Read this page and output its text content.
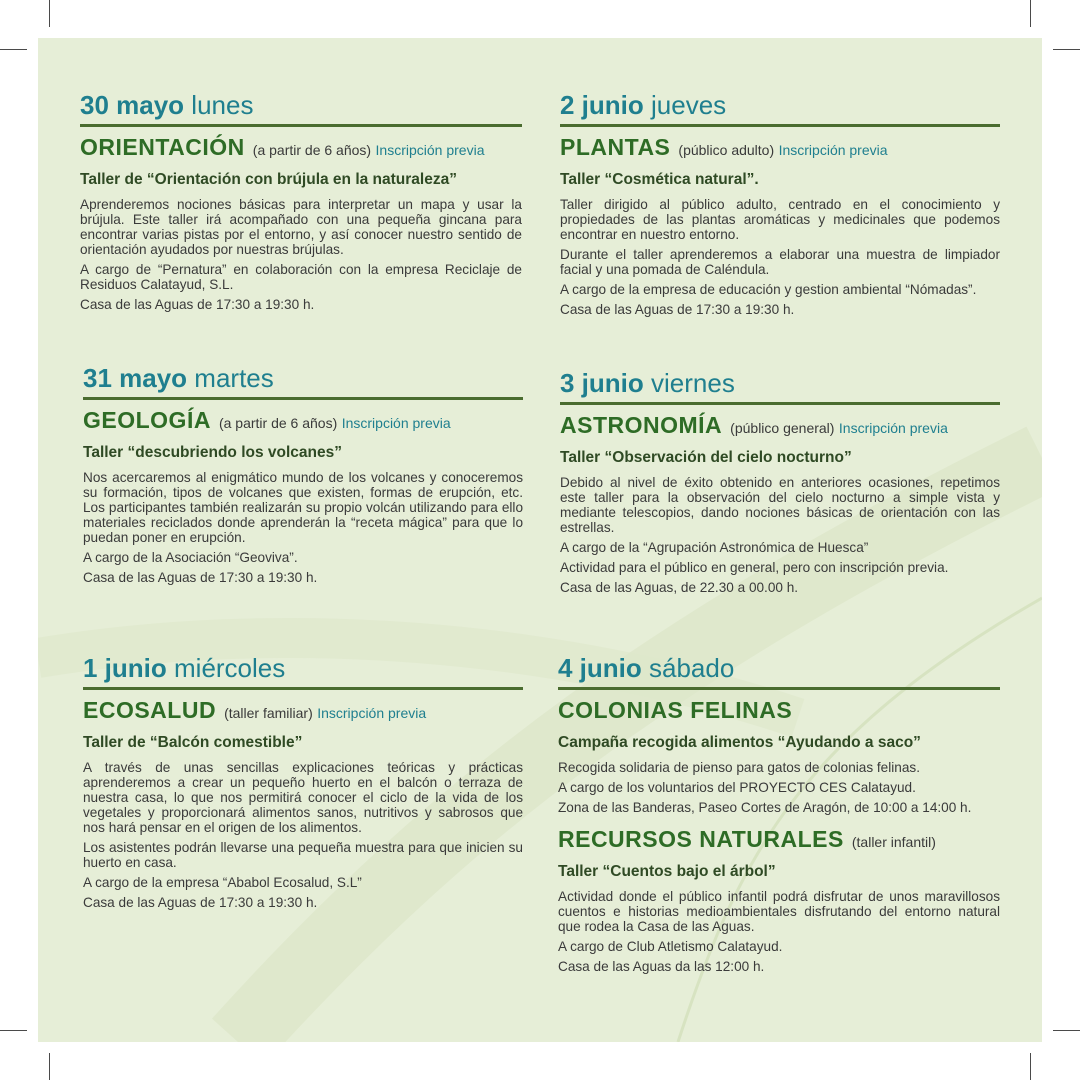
30 mayo lunes
ORIENTACIÓN (a partir de 6 años) Inscripción previa
Taller de “Orientación con brújula en la naturaleza”
Aprenderemos nociones básicas para interpretar un mapa y usar la brújula. Este taller irá acompañado con una pequeña gincana para encontrar varias pistas por el entorno, y así conocer nuestro sentido de orientación ayudados por nuestras brújulas.
A cargo de “Pernatura” en colaboración con la empresa Reciclaje de Residuos Calatayud, S.L.
Casa de las Aguas de 17:30 a 19:30 h.
31 mayo martes
GEOLOGÍA (a partir de 6 años) Inscripción previa
Taller “descubriendo los volcanes”
Nos acercaremos al enigmático mundo de los volcanes y conoceremos su formación, tipos de volcanes que existen, formas de erupción, etc. Los participantes también realizarán su propio volcán utilizando para ello materiales reciclados donde aprenderán la “receta mágica” para que lo puedan poner en erupción.
A cargo de la Asociación “Geoviva”.
Casa de las Aguas de 17:30 a 19:30 h.
1 junio miércoles
ECOSALUD (taller familiar) Inscripción previa
Taller de “Balcón comestible”
A través de unas sencillas explicaciones teóricas y prácticas aprenderemos a crear un pequeño huerto en el balcón o terraza de nuestra casa, lo que nos permitirá conocer el ciclo de la vida de los vegetales y proporcionará alimentos sanos, nutritivos y sabrosos que nos hará pensar en el origen de los alimentos.
Los asistentes podrán llevarse una pequeña muestra para que inicien su huerto en casa.
A cargo de la empresa “Ababol Ecosalud, S.L”
Casa de las Aguas de 17:30 a 19:30 h.
2 junio jueves
PLANTAS (público adulto) Inscripción previa
Taller “Cosmética natural”.
Taller dirigido al público adulto, centrado en el conocimiento y propiedades de las plantas aromáticas y medicinales que podemos encontrar en nuestro entorno.
Durante el taller aprenderemos a elaborar una muestra de limpiador facial y una pomada de Caléndula.
A cargo de la empresa de educación y gestion ambiental “Nómadas”.
Casa de las Aguas de 17:30 a 19:30 h.
3 junio viernes
ASTRONOMÍA (público general) Inscripción previa
Taller “Observación del cielo nocturno”
Debido al nivel de éxito obtenido en anteriores ocasiones, repetimos este taller para la observación del cielo nocturno a simple vista y mediante telescopios, dando nociones básicas de orientación con las estrellas.
A cargo de la “Agrupación Astronómica de Huesca”
Actividad para el público en general, pero con inscripción previa.
Casa de las Aguas, de 22.30 a 00.00 h.
4 junio sábado
COLONIAS FELINAS
Campaña recogida alimentos “Ayudando a saco”
Recogida solidaria de pienso para gatos de colonias felinas.
A cargo de los voluntarios del PROYECTO CES Calatayud.
Zona de las Banderas, Paseo Cortes de Aragón, de 10:00 a 14:00 h.
RECURSOS NATURALES (taller infantil)
Taller “Cuentos bajo el árbol”
Actividad donde el público infantil podrá disfrutar de unos maravillosos cuentos e historias medioambientales disfrutando del entorno natural que rodea la Casa de las Aguas.
A cargo de Club Atletismo Calatayud.
Casa de las Aguas da las 12:00 h.
